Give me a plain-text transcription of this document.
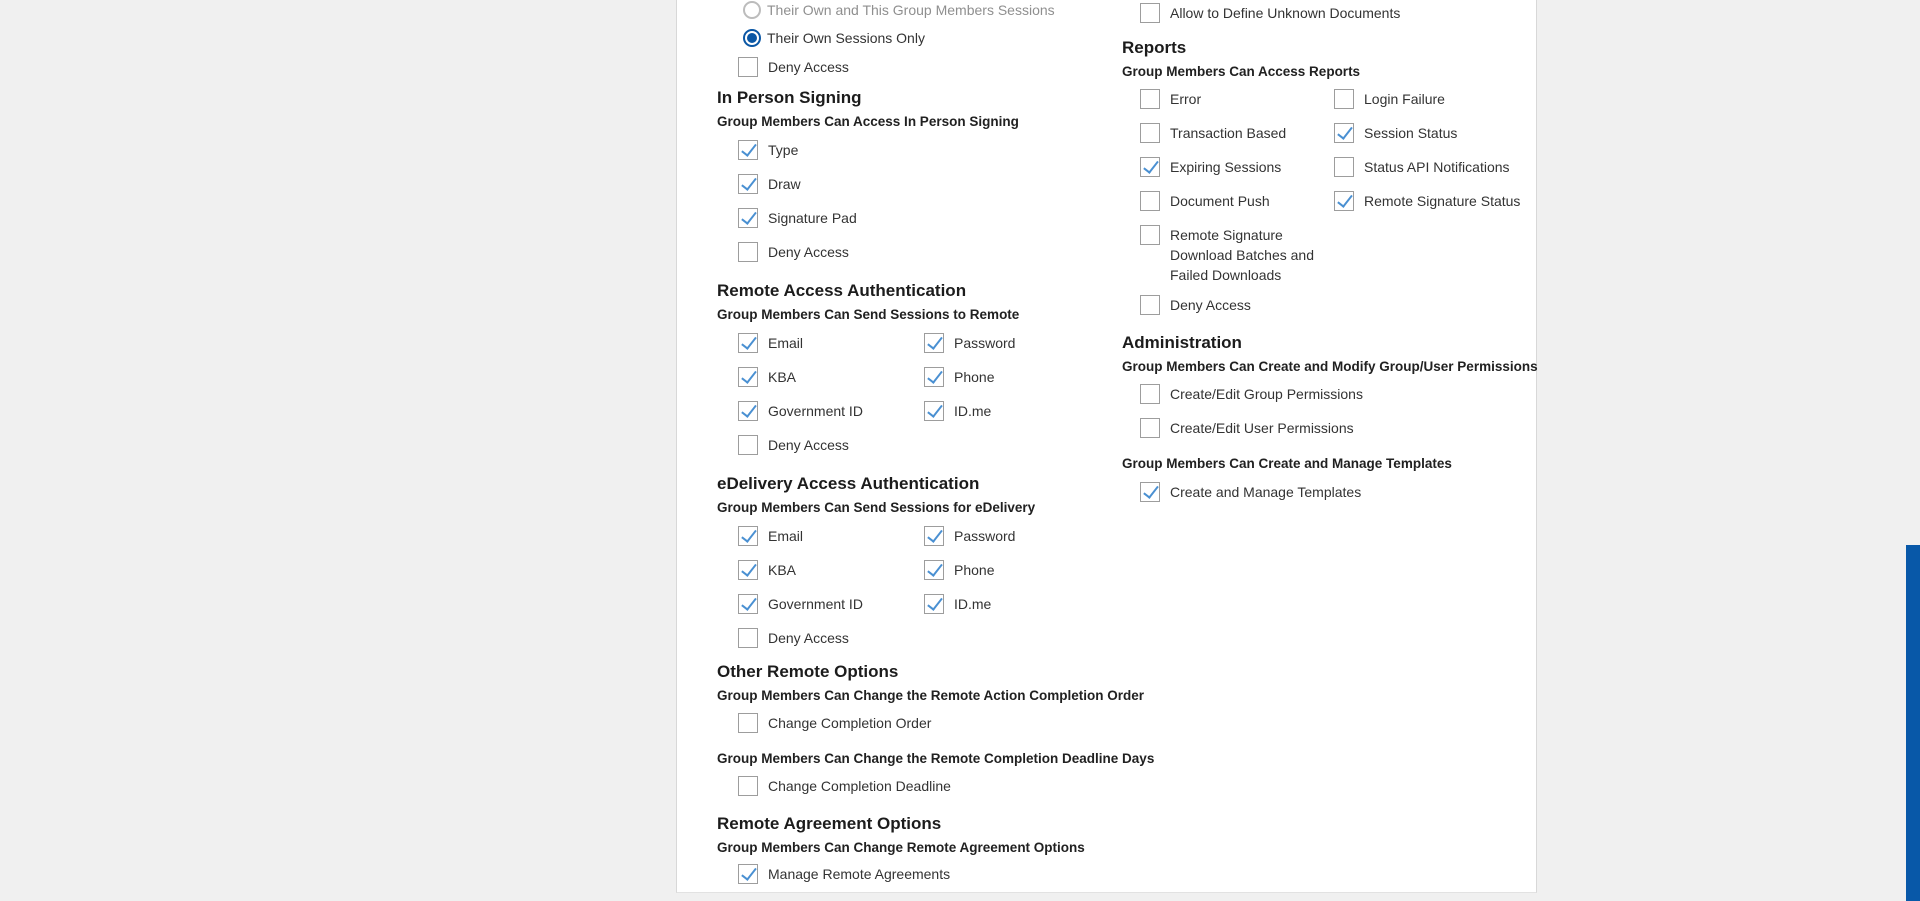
Their Own and This Group Members Sessions
Their Own Sessions Only
Deny Access
In Person Signing
Group Members Can Access In Person Signing
Type
Draw
Signature Pad
Deny Access
Remote Access Authentication
Group Members Can Send Sessions to Remote
Email	Password
KBA	Phone
Government ID	ID.me
Deny Access
eDelivery Access Authentication
Group Members Can Send Sessions for eDelivery
Email	Password
KBA	Phone
Government ID	ID.me
Deny Access
Other Remote Options
Group Members Can Change the Remote Action Completion Order
Change Completion Order
Group Members Can Change the Remote Completion Deadline Days
Change Completion Deadline
Remote Agreement Options
Group Members Can Change Remote Agreement Options
Manage Remote Agreements
Allow to Define Unknown Documents
Reports
Group Members Can Access Reports
Error	Login Failure
Transaction Based	Session Status
Expiring Sessions	Status API Notifications
Document Push	Remote Signature Status
Remote Signature Download Batches and Failed Downloads
Deny Access
Administration
Group Members Can Create and Modify Group/User Permissions
Create/Edit Group Permissions
Create/Edit User Permissions
Group Members Can Create and Manage Templates
Create and Manage Templates
